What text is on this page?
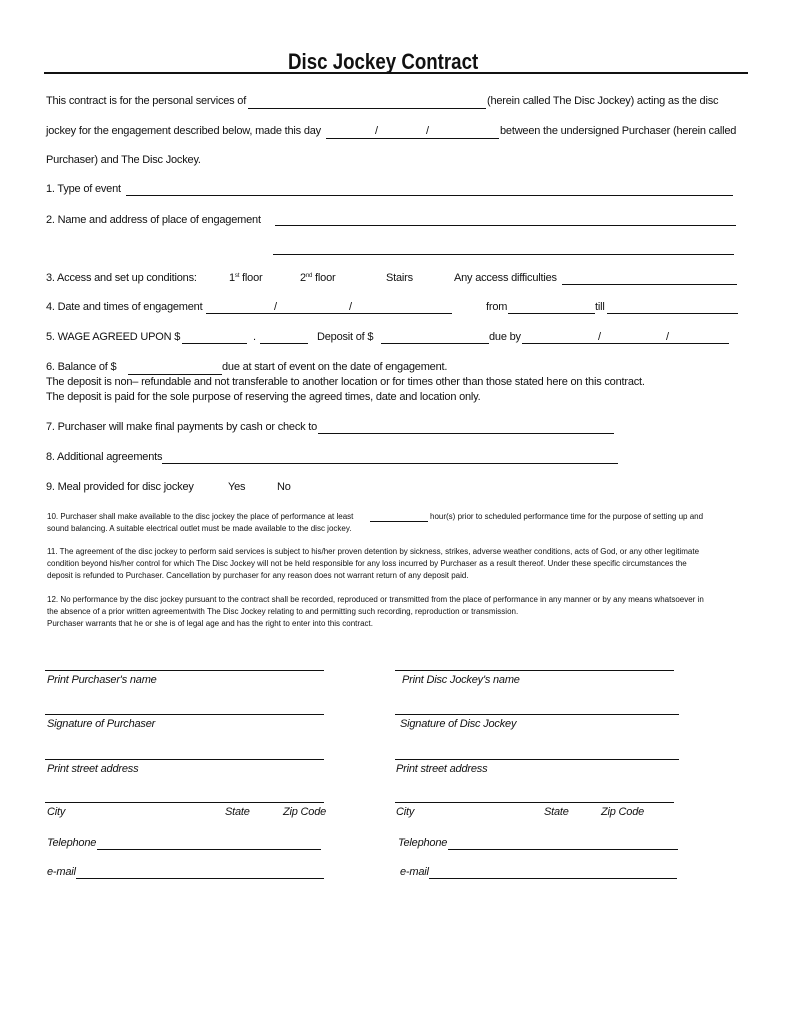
Disc Jockey Contract
This contract is for the personal services of	(herein called The Disc Jockey) acting as the disc
jockey for the engagement described below, made this day	/	/	between the undersigned Purchaser (herein called
Purchaser) and The Disc Jockey.
1. Type of event
2. Name and address of place of engagement
3. Access and set up conditions:	1st floor	2nd floor	Stairs	Any access difficulties
4. Date and times of engagement	/	/	from	till
5. WAGE AGREED UPON $	.	Deposit of $	due by	/	/
6. Balance of $	due at start of event on the date of engagement.
The deposit is non– refundable and not transferable to another location or for times other than those stated here on this contract.
The deposit is paid for the sole purpose of reserving the agreed times, date and location only.
7. Purchaser will make final payments by cash or check to
8. Additional agreements
9. Meal provided for disc jockey	Yes	No
10. Purchaser shall make available to the disc jockey the place of performance at least	hour(s) prior to scheduled performance time for the purpose of setting up and
sound balancing. A suitable electrical outlet must be made available to the disc jockey.
11. The agreement of the disc jockey to perform said services is subject to his/her proven detention by sickness, strikes, adverse weather conditions, acts of God, or any other legitimate
condition beyond his/her control for which The Disc Jockey will not be held responsible for any loss incurred by Purchaser as a result thereof. Under these specific circumstances the
deposit is refunded to Purchaser. Cancellation by purchaser for any reason does not warrant return of any deposit paid.
12. No performance by the disc jockey pursuant to the contract shall be recorded, reproduced or transmitted from the place of performance in any manner or by any means whatsoever in
the absence of a prior written agreementwith The Disc Jockey relating to and permitting such recording, reproduction or transmission.
Purchaser warrants that he or she is of legal age and has the right to enter into this contract.
Print Purchaser's name
Signature of Purchaser
Print street address
City	State	Zip Code
Telephone
e-mail
Print Disc Jockey's name
Signature of Disc Jockey
Print street address
City	State	Zip Code
Telephone
e-mail
